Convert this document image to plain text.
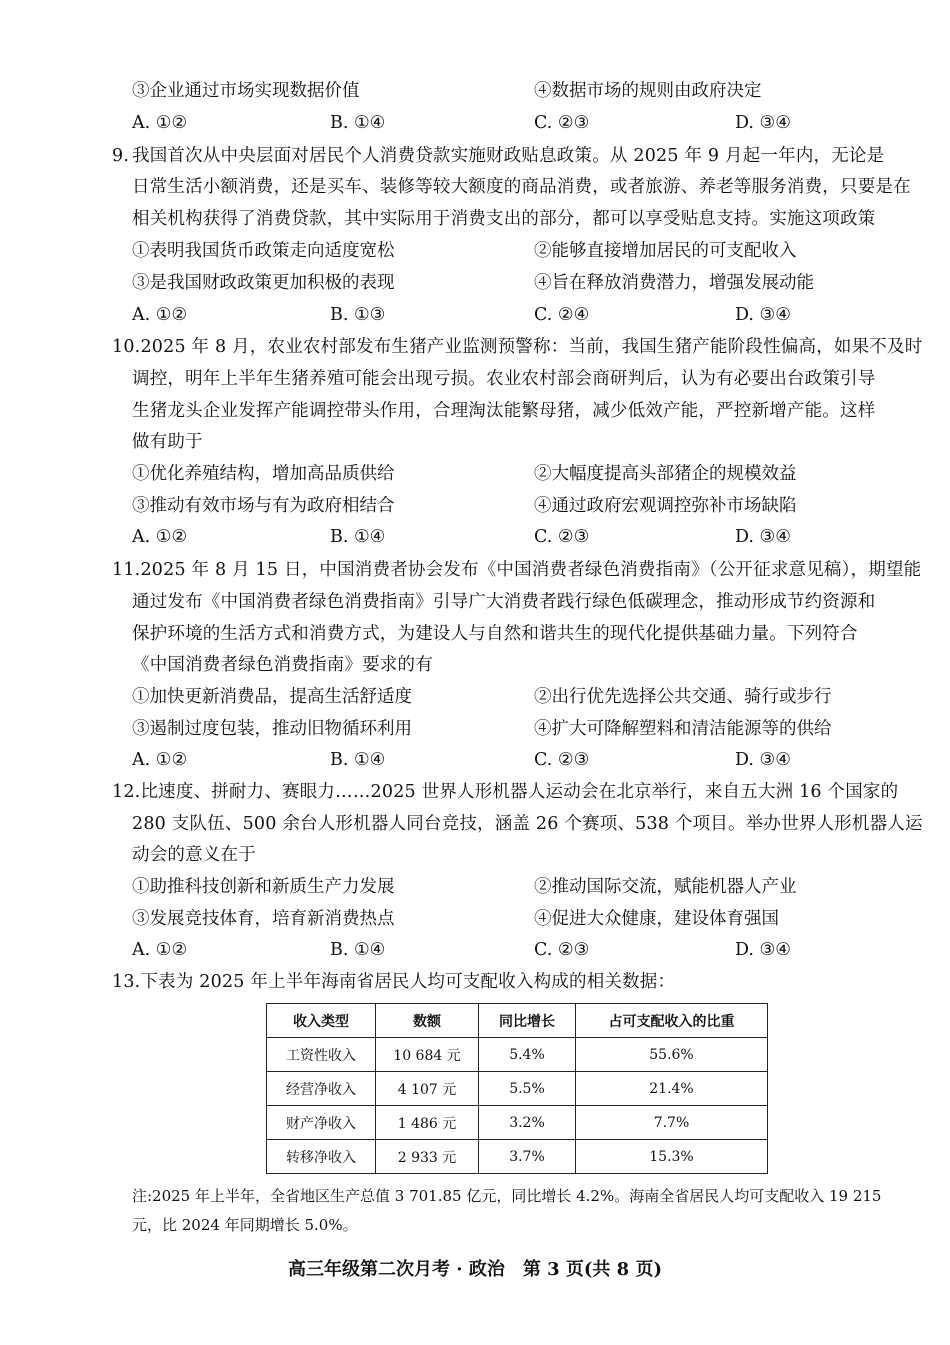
③企业通过市场实现数据价值	④数据市场的规则由政府决定
A. ①②	B. ①④	C. ②③	D. ③④
9. 我国首次从中央层面对居民个人消费贷款实施财政贴息政策。从 2025 年 9 月起一年内，无论是
日常生活小额消费，还是买车、装修等较大额度的商品消费，或者旅游、养老等服务消费，只要是在
相关机构获得了消费贷款，其中实际用于消费支出的部分，都可以享受贴息支持。实施这项政策
①表明我国货币政策走向适度宽松	②能够直接增加居民的可支配收入
③是我国财政政策更加积极的表现	④旨在释放消费潜力，增强发展动能
A. ①②	B. ①③	C. ②④	D. ③④
10.2025 年 8 月，农业农村部发布生猪产业监测预警称：当前，我国生猪产能阶段性偏高，如果不及时
调控，明年上半年生猪养殖可能会出现亏损。农业农村部会商研判后，认为有必要出台政策引导
生猪龙头企业发挥产能调控带头作用，合理淘汰能繁母猪，减少低效产能，严控新增产能。这样
做有助于
①优化养殖结构，增加高品质供给	②大幅度提高头部猪企的规模效益
③推动有效市场与有为政府相结合	④通过政府宏观调控弥补市场缺陷
A. ①②	B. ①④	C. ②③	D. ③④
11.2025 年 8 月 15 日，中国消费者协会发布《中国消费者绿色消费指南》（公开征求意见稿），期望能
通过发布《中国消费者绿色消费指南》引导广大消费者践行绿色低碳理念，推动形成节约资源和
保护环境的生活方式和消费方式，为建设人与自然和谐共生的现代化提供基础力量。下列符合
《中国消费者绿色消费指南》要求的有
①加快更新消费品，提高生活舒适度	②出行优先选择公共交通、骑行或步行
③遏制过度包装，推动旧物循环利用	④扩大可降解塑料和清洁能源等的供给
A. ①②	B. ①④	C. ②③	D. ③④
12.比速度、拼耐力、赛眼力……2025 世界人形机器人运动会在北京举行，来自五大洲 16 个国家的
280 支队伍、500 余台人形机器人同台竞技，涵盖 26 个赛项、538 个项目。举办世界人形机器人运
动会的意义在于
①助推科技创新和新质生产力发展	②推动国际交流，赋能机器人产业
③发展竞技体育，培育新消费热点	④促进大众健康，建设体育强国
A. ①②	B. ①④	C. ②③	D. ③④
13.下表为 2025 年上半年海南省居民人均可支配收入构成的相关数据：
收入类型	数额	同比增长	占可支配收入的比重
工资性收入	10 684 元	5.4%	55.6%
经营净收入	4 107 元	5.5%	21.4%
财产净收入	1 486 元	3.2%	7.7%
转移净收入	2 933 元	3.7%	15.3%
注:2025 年上半年，全省地区生产总值 3 701.85 亿元，同比增长 4.2%。海南全省居民人均可支配收入 19 215
元，比 2024 年同期增长 5.0%。
高三年级第二次月考 · 政治　第 3 页(共 8 页)
